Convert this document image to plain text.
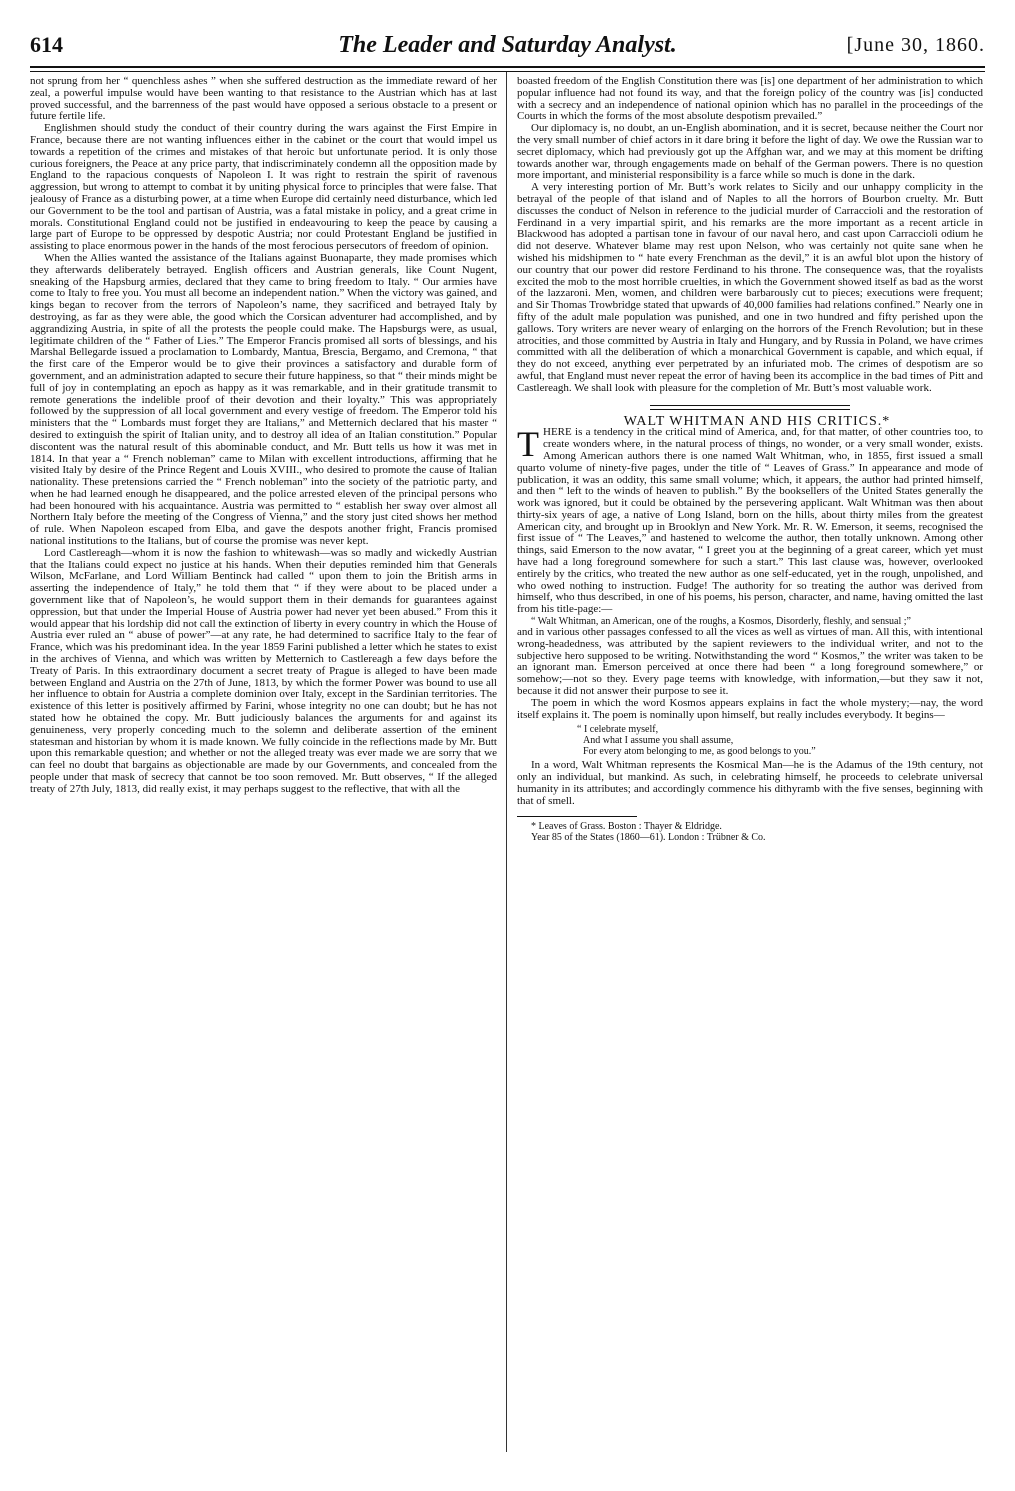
614	The Leader and Saturday Analyst.	[June 30, 1860.

not sprung from her “ quenchless ashes ” when she suffered destruction as the immediate reward of her zeal, a powerful impulse would have been wanting to that resistance to the Austrian which has at last proved successful, and the barrenness of the past would have opposed a serious obstacle to a present or future fertile life.

Englishmen should study the conduct of their country during the wars against the First Empire in France, because there are not wanting influences either in the cabinet or the court that would impel us towards a repetition of the crimes and mistakes of that heroic but unfortunate period. It is only those curious foreigners, the Peace at any price party, that indiscriminately condemn all the opposition made by England to the rapacious conquests of Napoleon I. It was right to restrain the spirit of ravenous aggression, but wrong to attempt to combat it by uniting physical force to principles that were false. That jealousy of France as a disturbing power, at a time when Europe did certainly need disturbance, which led our Government to be the tool and partisan of Austria, was a fatal mistake in policy, and a great crime in morals. Constitutional England could not be justified in endeavouring to keep the peace by causing a large part of Europe to be oppressed by despotic Austria; nor could Protestant England be justified in assisting to place enormous power in the hands of the most ferocious persecutors of freedom of opinion.

When the Allies wanted the assistance of the Italians against Buonaparte, they made promises which they afterwards deliberately betrayed. English officers and Austrian generals, like Count Nugent, sneaking of the Hapsburg armies, declared that they came to bring freedom to Italy. “ Our armies have come to Italy to free you. You must all become an independent nation.” When the victory was gained, and kings began to recover from the terrors of Napoleon’s name, they sacrificed and betrayed Italy by destroying, as far as they were able, the good which the Corsican adventurer had accomplished, and by aggrandizing Austria, in spite of all the protests the people could make. The Hapsburgs were, as usual, legitimate children of the “ Father of Lies.” The Emperor Francis promised all sorts of blessings, and his Marshal Bellegarde issued a proclamation to Lombardy, Mantua, Brescia, Bergamo, and Cremona, “ that the first care of the Emperor would be to give their provinces a satisfactory and durable form of government, and an administration adapted to secure their future happiness, so that “ their minds might be full of joy in contemplating an epoch as happy as it was remarkable, and in their gratitude transmit to remote generations the indelible proof of their devotion and their loyalty.” This was appropriately followed by the suppression of all local government and every vestige of freedom. The Emperor told his ministers that the “ Lombards must forget they are Italians,” and Metternich declared that his master “ desired to extinguish the spirit of Italian unity, and to destroy all idea of an Italian constitution.” Popular discontent was the natural result of this abominable conduct, and Mr. Butt tells us how it was met in 1814. In that year a “ French nobleman” came to Milan with excellent introductions, affirming that he visited Italy by desire of the Prince Regent and Louis XVIII., who desired to promote the cause of Italian nationality. These pretensions carried the “ French nobleman” into the society of the patriotic party, and when he had learned enough he disappeared, and the police arrested eleven of the principal persons who had been honoured with his acquaintance. Austria was permitted to “ establish her sway over almost all Northern Italy before the meeting of the Congress of Vienna,” and the story just cited shows her method of rule. When Napoleon escaped from Elba, and gave the despots another fright, Francis promised national institutions to the Italians, but of course the promise was never kept.

Lord Castlereagh—whom it is now the fashion to whitewash—was so madly and wickedly Austrian that the Italians could expect no justice at his hands. When their deputies reminded him that Generals Wilson, McFarlane, and Lord William Bentinck had called “ upon them to join the British arms in asserting the independence of Italy,” he told them that “ if they were about to be placed under a government like that of Napoleon’s, he would support them in their demands for guarantees against oppression, but that under the Imperial House of Austria power had never yet been abused.” From this it would appear that his lordship did not call the extinction of liberty in every country in which the House of Austria ever ruled an “ abuse of power”—at any rate, he had determined to sacrifice Italy to the fear of France, which was his predominant idea. In the year 1859 Farini published a letter which he states to exist in the archives of Vienna, and which was written by Metternich to Castlereagh a few days before the Treaty of Paris. In this extraordinary document a secret treaty of Prague is alleged to have been made between England and Austria on the 27th of June, 1813, by which the former Power was bound to use all her influence to obtain for Austria a complete dominion over Italy, except in the Sardinian territories. The existence of this letter is positively affirmed by Farini, whose integrity no one can doubt; but he has not stated how he obtained the copy. Mr. Butt judiciously balances the arguments for and against its genuineness, very properly conceding much to the solemn and deliberate assertion of the eminent statesman and historian by whom it is made known. We fully coincide in the reflections made by Mr. Butt upon this remarkable question; and whether or not the alleged treaty was ever made we are sorry that we can feel no doubt that bargains as objectionable are made by our Governments, and concealed from the people under that mask of secrecy that cannot be too soon removed. Mr. Butt observes, “ If the alleged treaty of 27th July, 1813, did really exist, it may perhaps suggest to the reflective, that with all the

boasted freedom of the English Constitution there was [is] one department of her administration to which popular influence had not found its way, and that the foreign policy of the country was [is] conducted with a secrecy and an independence of national opinion which has no parallel in the proceedings of the Courts in which the forms of the most absolute despotism prevailed.”

Our diplomacy is, no doubt, an un-English abomination, and it is secret, because neither the Court nor the very small number of chief actors in it dare bring it before the light of day. We owe the Russian war to secret diplomacy, which had previously got up the Affghan war, and we may at this moment be drifting towards another war, through engagements made on behalf of the German powers. There is no question more important, and ministerial responsibility is a farce while so much is done in the dark.

A very interesting portion of Mr. Butt’s work relates to Sicily and our unhappy complicity in the betrayal of the people of that island and of Naples to all the horrors of Bourbon cruelty. Mr. Butt discusses the conduct of Nelson in reference to the judicial murder of Carraccioli and the restoration of Ferdinand in a very impartial spirit, and his remarks are the more important as a recent article in Blackwood has adopted a partisan tone in favour of our naval hero, and cast upon Carraccioli odium he did not deserve. Whatever blame may rest upon Nelson, who was certainly not quite sane when he wished his midshipmen to “ hate every Frenchman as the devil,” it is an awful blot upon the history of our country that our power did restore Ferdinand to his throne. The consequence was, that the royalists excited the mob to the most horrible cruelties, in which the Government showed itself as bad as the worst of the lazzaroni. Men, women, and children were barbarously cut to pieces; executions were frequent; and Sir Thomas Trowbridge stated that upwards of 40,000 families had relations confined.” Nearly one in fifty of the adult male population was punished, and one in two hundred and fifty perished upon the gallows. Tory writers are never weary of enlarging on the horrors of the French Revolution; but in these atrocities, and those committed by Austria in Italy and Hungary, and by Russia in Poland, we have crimes committed with all the deliberation of which a monarchical Government is capable, and which equal, if they do not exceed, anything ever perpetrated by an infuriated mob. The crimes of despotism are so awful, that England must never repeat the error of having been its accomplice in the bad times of Pitt and Castlereagh. We shall look with pleasure for the completion of Mr. Butt’s most valuable work.

WALT WHITMAN AND HIS CRITICS.*

THERE is a tendency in the critical mind of America, and, for that matter, of other countries too, to create wonders where, in the natural process of things, no wonder, or a very small wonder, exists. Among American authors there is one named Walt Whitman, who, in 1855, first issued a small quarto volume of ninety-five pages, under the title of “ Leaves of Grass.” In appearance and mode of publication, it was an oddity, this same small volume; which, it appears, the author had printed himself, and then “ left to the winds of heaven to publish.” By the booksellers of the United States generally the work was ignored, but it could be obtained by the persevering applicant. Walt Whitman was then about thirty-six years of age, a native of Long Island, born on the hills, about thirty miles from the greatest American city, and brought up in Brooklyn and New York. Mr. R. W. Emerson, it seems, recognised the first issue of “ The Leaves,” and hastened to welcome the author, then totally unknown. Among other things, said Emerson to the now avatar, “ I greet you at the beginning of a great career, which yet must have had a long foreground somewhere for such a start.” This last clause was, however, overlooked entirely by the critics, who treated the new author as one self-educated, yet in the rough, unpolished, and who owed nothing to instruction. Fudge! The authority for so treating the author was derived from himself, who thus described, in one of his poems, his person, character, and name, having omitted the last from his title-page:—

“ Walt Whitman, an American, one of the roughs, a Kosmos, Disorderly, fleshly, and sensual ;”

and in various other passages confessed to all the vices as well as virtues of man. All this, with intentional wrong-headedness, was attributed by the sapient reviewers to the individual writer, and not to the subjective hero supposed to be writing. Notwithstanding the word “ Kosmos,” the writer was taken to be an ignorant man. Emerson perceived at once there had been “ a long foreground somewhere,” or somehow;—not so they. Every page teems with knowledge, with information,—but they saw it not, because it did not answer their purpose to see it.

The poem in which the word Kosmos appears explains in fact the whole mystery;—nay, the word itself explains it. The poem is nominally upon himself, but really includes everybody. It begins—

“ I celebrate myself,
And what I assume you shall assume,
For every atom belonging to me, as good belongs to you.”

In a word, Walt Whitman represents the Kosmical Man—he is the Adamus of the 19th century, not only an individual, but mankind. As such, in celebrating himself, he proceeds to celebrate universal humanity in its attributes; and accordingly commence his dithyramb with the five senses, beginning with that of smell.

* Leaves of Grass. Boston : Thayer & Eldridge.

Year 85 of the States (1860—61). London : Trübner & Co.
